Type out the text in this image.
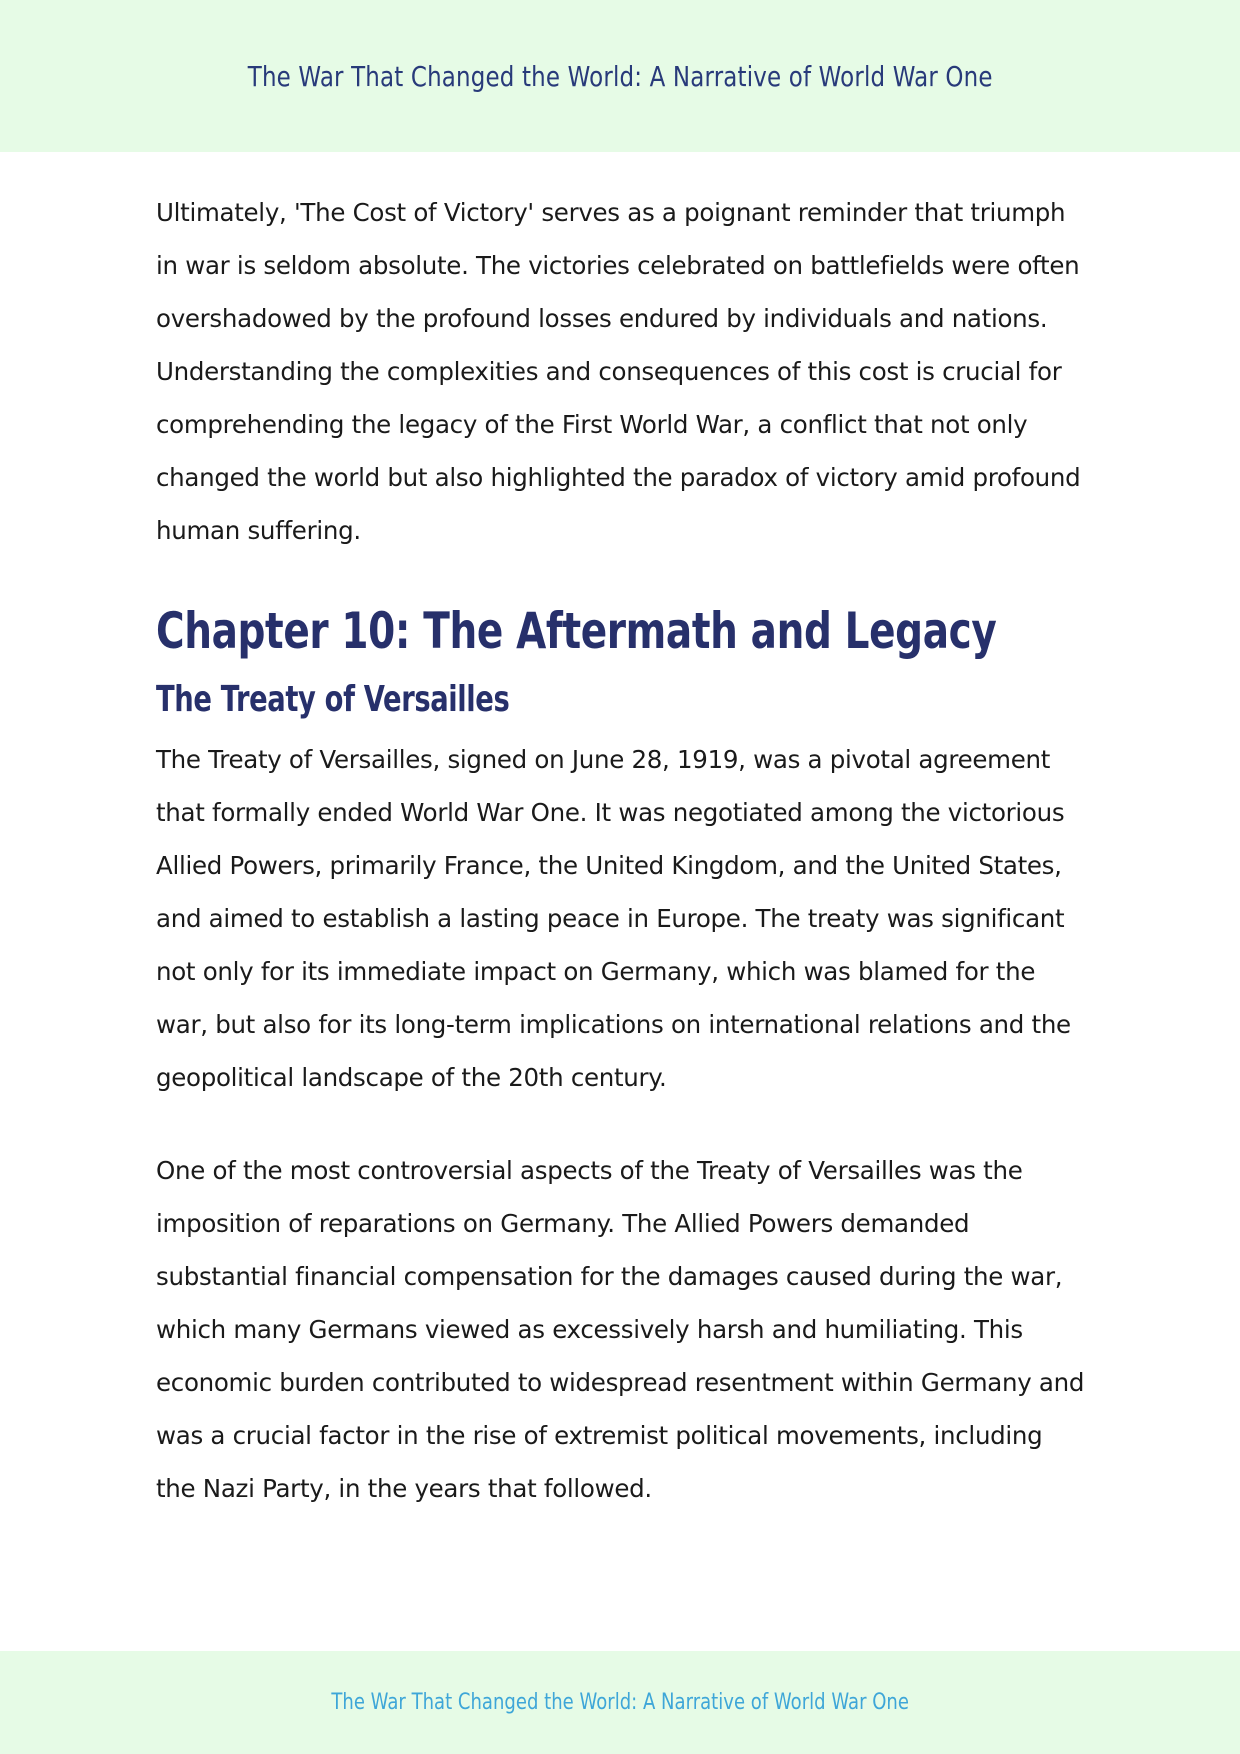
The War That Changed the World: A Narrative of World War One

Ultimately, 'The Cost of Victory' serves as a poignant reminder that triumph in war is seldom absolute. The victories celebrated on battlefields were often overshadowed by the profound losses endured by individuals and nations. Understanding the complexities and consequences of this cost is crucial for comprehending the legacy of the First World War, a conflict that not only changed the world but also highlighted the paradox of victory amid profound human suffering.

Chapter 10: The Aftermath and Legacy
The Treaty of Versailles

The Treaty of Versailles, signed on June 28, 1919, was a pivotal agreement that formally ended World War One. It was negotiated among the victorious Allied Powers, primarily France, the United Kingdom, and the United States, and aimed to establish a lasting peace in Europe. The treaty was significant not only for its immediate impact on Germany, which was blamed for the war, but also for its long-term implications on international relations and the geopolitical landscape of the 20th century.

One of the most controversial aspects of the Treaty of Versailles was the imposition of reparations on Germany. The Allied Powers demanded substantial financial compensation for the damages caused during the war, which many Germans viewed as excessively harsh and humiliating. This economic burden contributed to widespread resentment within Germany and was a crucial factor in the rise of extremist political movements, including the Nazi Party, in the years that followed.

The War That Changed the World: A Narrative of World War One
